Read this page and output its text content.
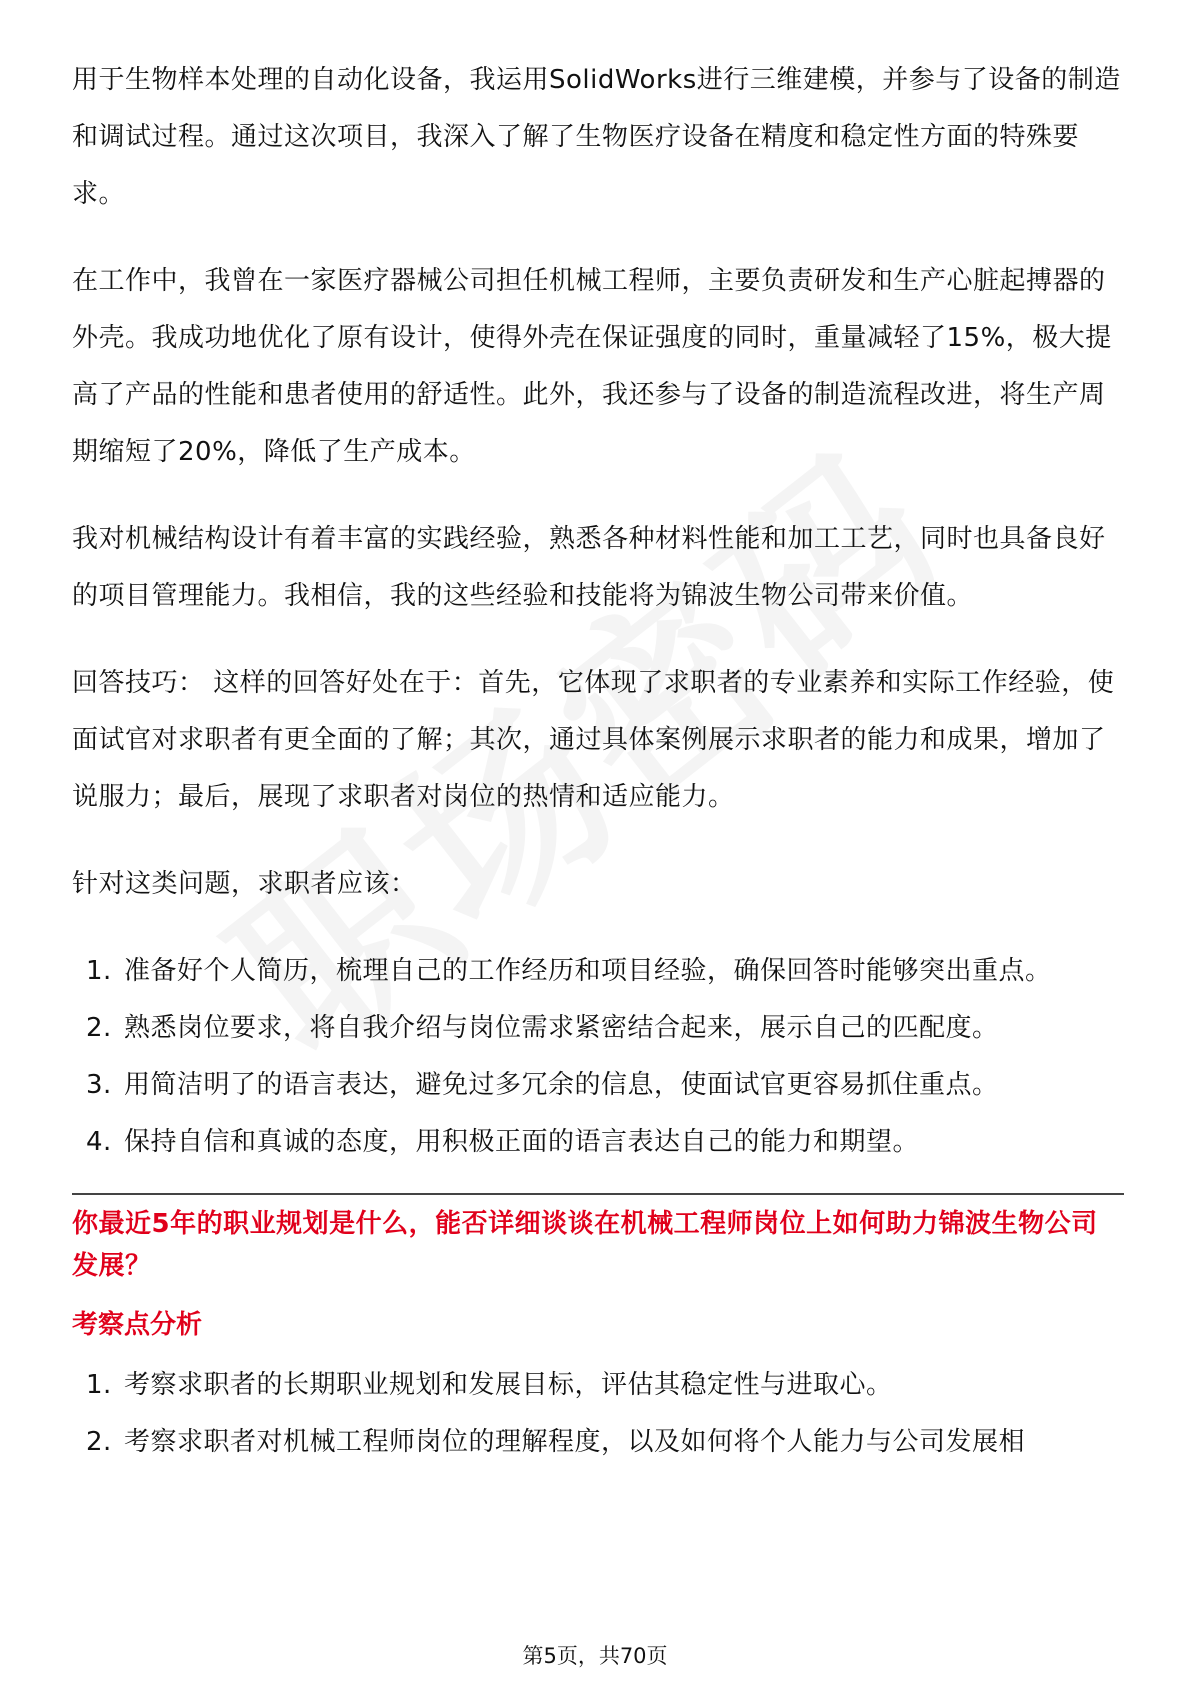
用于生物样本处理的自动化设备，我运用SolidWorks进行三维建模，并参与了设备的制造和调试过程。通过这次项目，我深入了解了生物医疗设备在精度和稳定性方面的特殊要求。

在工作中，我曾在一家医疗器械公司担任机械工程师，主要负责研发和生产心脏起搏器的外壳。我成功地优化了原有设计，使得外壳在保证强度的同时，重量减轻了15%，极大提高了产品的性能和患者使用的舒适性。此外，我还参与了设备的制造流程改进，将生产周期缩短了20%，降低了生产成本。

我对机械结构设计有着丰富的实践经验，熟悉各种材料性能和加工工艺，同时也具备良好的项目管理能力。我相信，我的这些经验和技能将为锦波生物公司带来价值。

回答技巧： 这样的回答好处在于：首先，它体现了求职者的专业素养和实际工作经验，使面试官对求职者有更全面的了解；其次，通过具体案例展示求职者的能力和成果，增加了说服力；最后，展现了求职者对岗位的热情和适应能力。

针对这类问题，求职者应该：

1. 准备好个人简历，梳理自己的工作经历和项目经验，确保回答时能够突出重点。
2. 熟悉岗位要求，将自我介绍与岗位需求紧密结合起来，展示自己的匹配度。
3. 用简洁明了的语言表达，避免过多冗余的信息，使面试官更容易抓住重点。
4. 保持自信和真诚的态度，用积极正面的语言表达自己的能力和期望。

你最近5年的职业规划是什么，能否详细谈谈在机械工程师岗位上如何助力锦波生物公司发展？

考察点分析

1. 考察求职者的长期职业规划和发展目标，评估其稳定性与进取心。
2. 考察求职者对机械工程师岗位的理解程度，以及如何将个人能力与公司发展相
第5页，共70页
